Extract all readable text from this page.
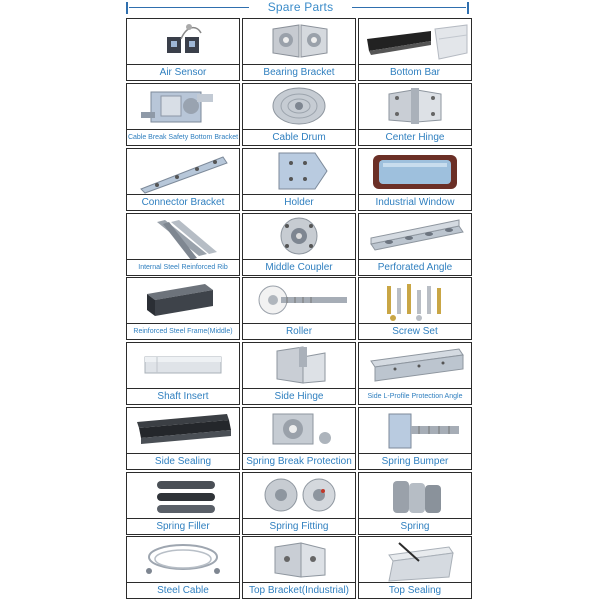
Spare Parts
Air Sensor	Bearing Bracket	Bottom Bar
Cable Break Safety Bottom Bracket	Cable Drum	Center Hinge
Connector Bracket	Holder	Industrial Window
Internal Steel Reinforced Rib	Middle Coupler	Perforated Angle
Reinforced Steel Frame(Middle)	Roller	Screw Set
Shaft Insert	Side Hinge	Side L-Profile Protection Angle
Side Sealing	Spring Break Protection	Spring Bumper
Spring Filler	Spring Fitting	Spring
Steel Cable	Top Bracket(Industrial)	Top Sealing
